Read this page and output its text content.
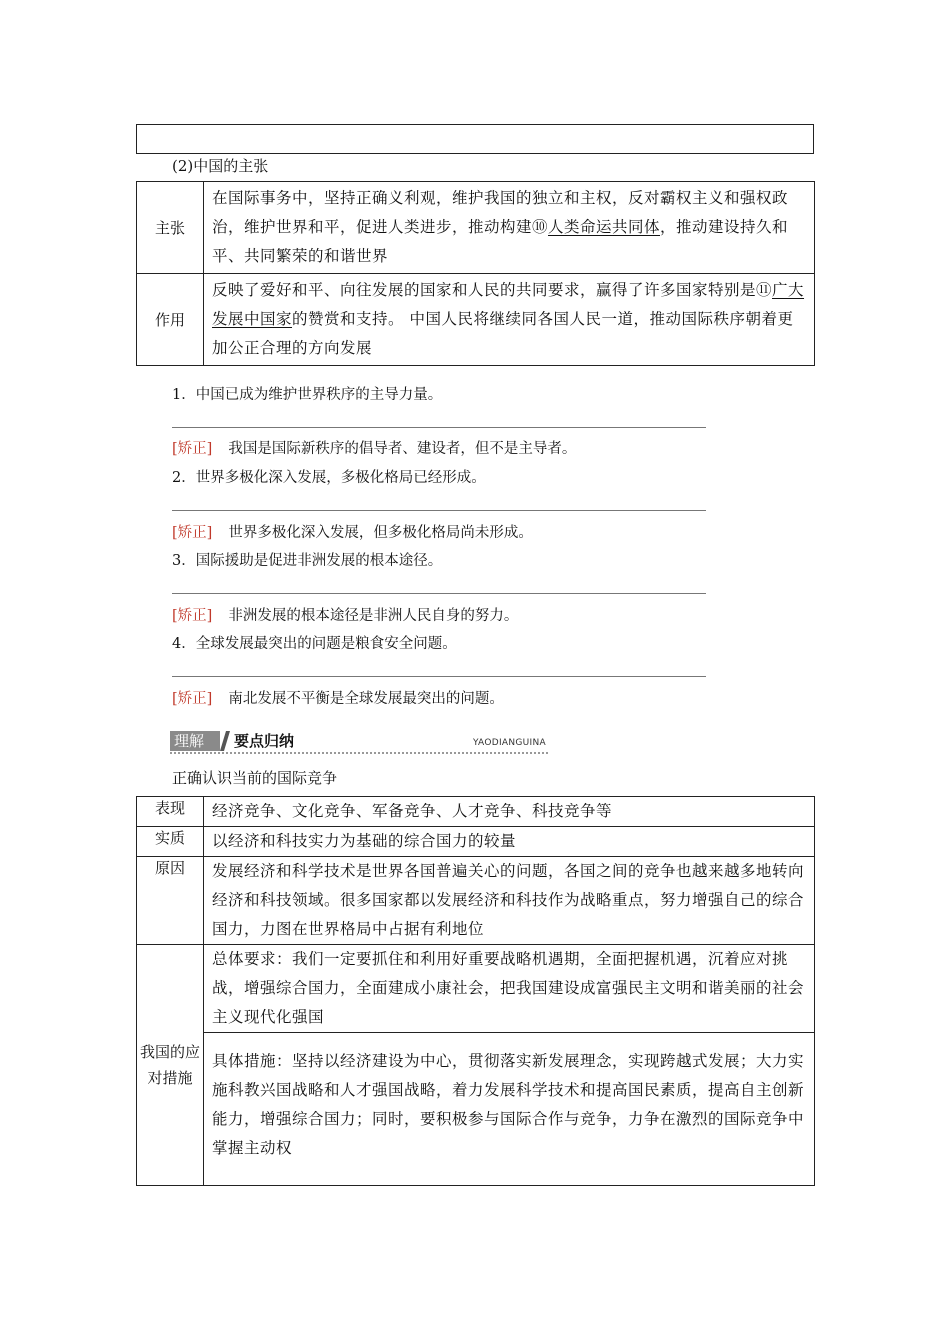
(2)中国的主张
主张	在国际事务中，坚持正确义利观，维护我国的独立和主权，反对霸权主义和强权政治，维护世界和平，促进人类进步，推动构建⑩人类命运共同体，推动建设持久和平、共同繁荣的和谐世界
作用	反映了爱好和平、向往发展的国家和人民的共同要求，赢得了许多国家特别是⑪广大发展中国家的赞赏和支持。 中国人民将继续同各国人民一道，推动国际秩序朝着更加公正合理的方向发展
1．中国已成为维护世界秩序的主导力量。
[矫正] 我国是国际新秩序的倡导者、建设者，但不是主导者。
2．世界多极化深入发展，多极化格局已经形成。
[矫正] 世界多极化深入发展，但多极化格局尚未形成。
3．国际援助是促进非洲发展的根本途径。
[矫正] 非洲发展的根本途径是非洲人民自身的努力。
4．全球发展最突出的问题是粮食安全问题。
[矫正] 南北发展不平衡是全球发展最突出的问题。
理解	要点归纳	YAODIANGUINA
正确认识当前的国际竞争
表现	经济竞争、文化竞争、军备竞争、人才竞争、科技竞争等
实质	以经济和科技实力为基础的综合国力的较量
原因	发展经济和科学技术是世界各国普遍关心的问题，各国之间的竞争也越来越多地转向经济和科技领域。很多国家都以发展经济和科技作为战略重点，努力增强自己的综合国力，力图在世界格局中占据有利地位
我国的应对措施	总体要求：我们一定要抓住和利用好重要战略机遇期，全面把握机遇，沉着应对挑战，增强综合国力，全面建成小康社会，把我国建设成富强民主文明和谐美丽的社会主义现代化强国
	具体措施：坚持以经济建设为中心，贯彻落实新发展理念，实现跨越式发展；大力实施科教兴国战略和人才强国战略，着力发展科学技术和提高国民素质，提高自主创新能力，增强综合国力；同时，要积极参与国际合作与竞争，力争在激烈的国际竞争中掌握主动权
